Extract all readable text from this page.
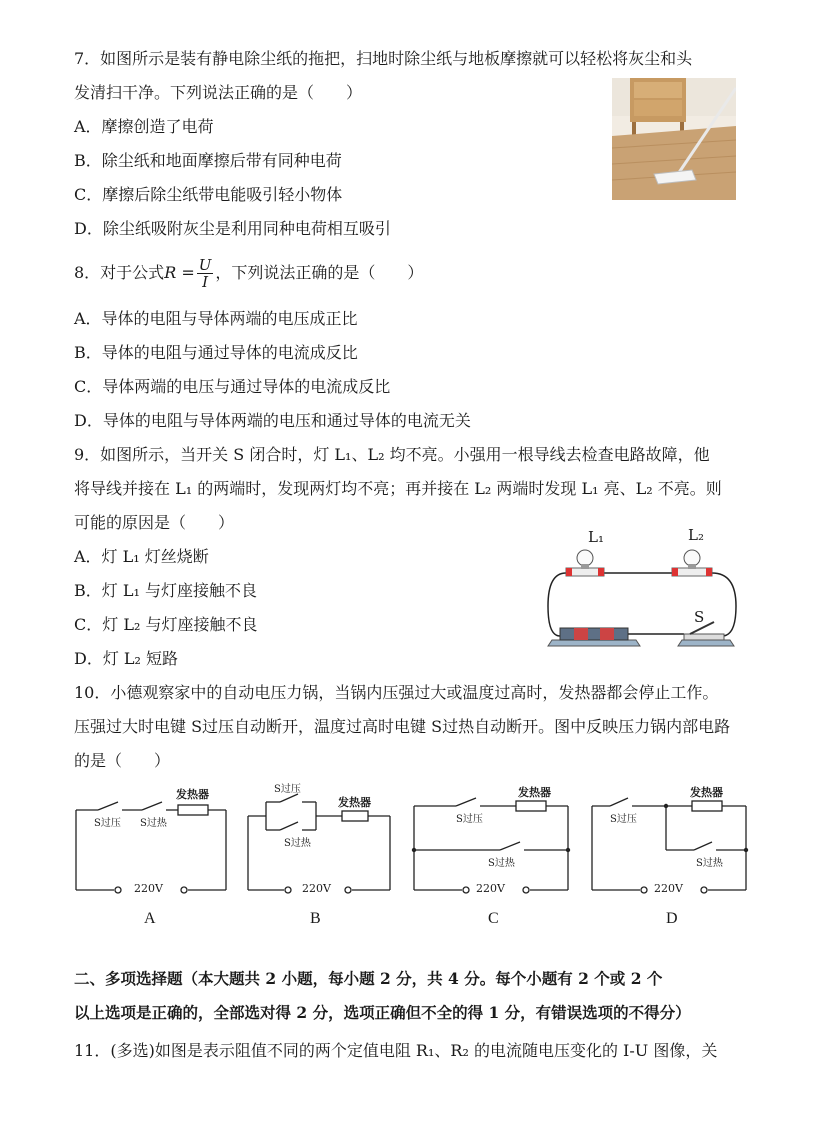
7．如图所示是装有静电除尘纸的拖把，扫地时除尘纸与地板摩擦就可以轻松将灰尘和头
发清扫干净。下列说法正确的是（　　）
A．摩擦创造了电荷
B．除尘纸和地面摩擦后带有同种电荷
C．摩擦后除尘纸带电能吸引轻小物体
D．除尘纸吸附灰尘是利用同种电荷相互吸引
8．对于公式$R = \frac{U}{I}$ ，下列说法正确的是（　　）
A．导体的电阻与导体两端的电压成正比
B．导体的电阻与通过导体的电流成反比
C．导体两端的电压与通过导体的电流成反比
D．导体的电阻与导体两端的电压和通过导体的电流无关
9．如图所示，当开关 S 闭合时，灯 L₁、L₂ 均不亮。小强用一根导线去检查电路故障，他
将导线并接在 L₁ 的两端时，发现两灯均不亮；再并接在 L₂ 两端时发现 L₁ 亮、L₂ 不亮。则
可能的原因是（　　）
A．灯 L₁ 灯丝烧断
B．灯 L₁ 与灯座接触不良
C．灯 L₂ 与灯座接触不良
D．灯 L₂ 短路
L₁	L₂
S
10．小德观察家中的自动电压力锅，当锅内压强过大或温度过高时，发热器都会停止工作。
压强过大时电键 S过压自动断开，温度过高时电键 S过热自动断开。图中反映压力锅内部电路
的是（　　）
发热器
S过压 S过热
220V
S过压
发热器
S过热
220V
发热器
S过压
S过热
220V
发热器
S过压
S过热
220V
A	B	C	D
二、多项选择题（本大题共 2 小题，每小题 2 分，共 4 分。每个小题有 2 个或 2 个
以上选项是正确的，全部选对得 2 分，选项正确但不全的得 1 分，有错误选项的不得分）
11．(多选)如图是表示阻值不同的两个定值电阻 R₁、R₂ 的电流随电压变化的 I-U 图像，关
